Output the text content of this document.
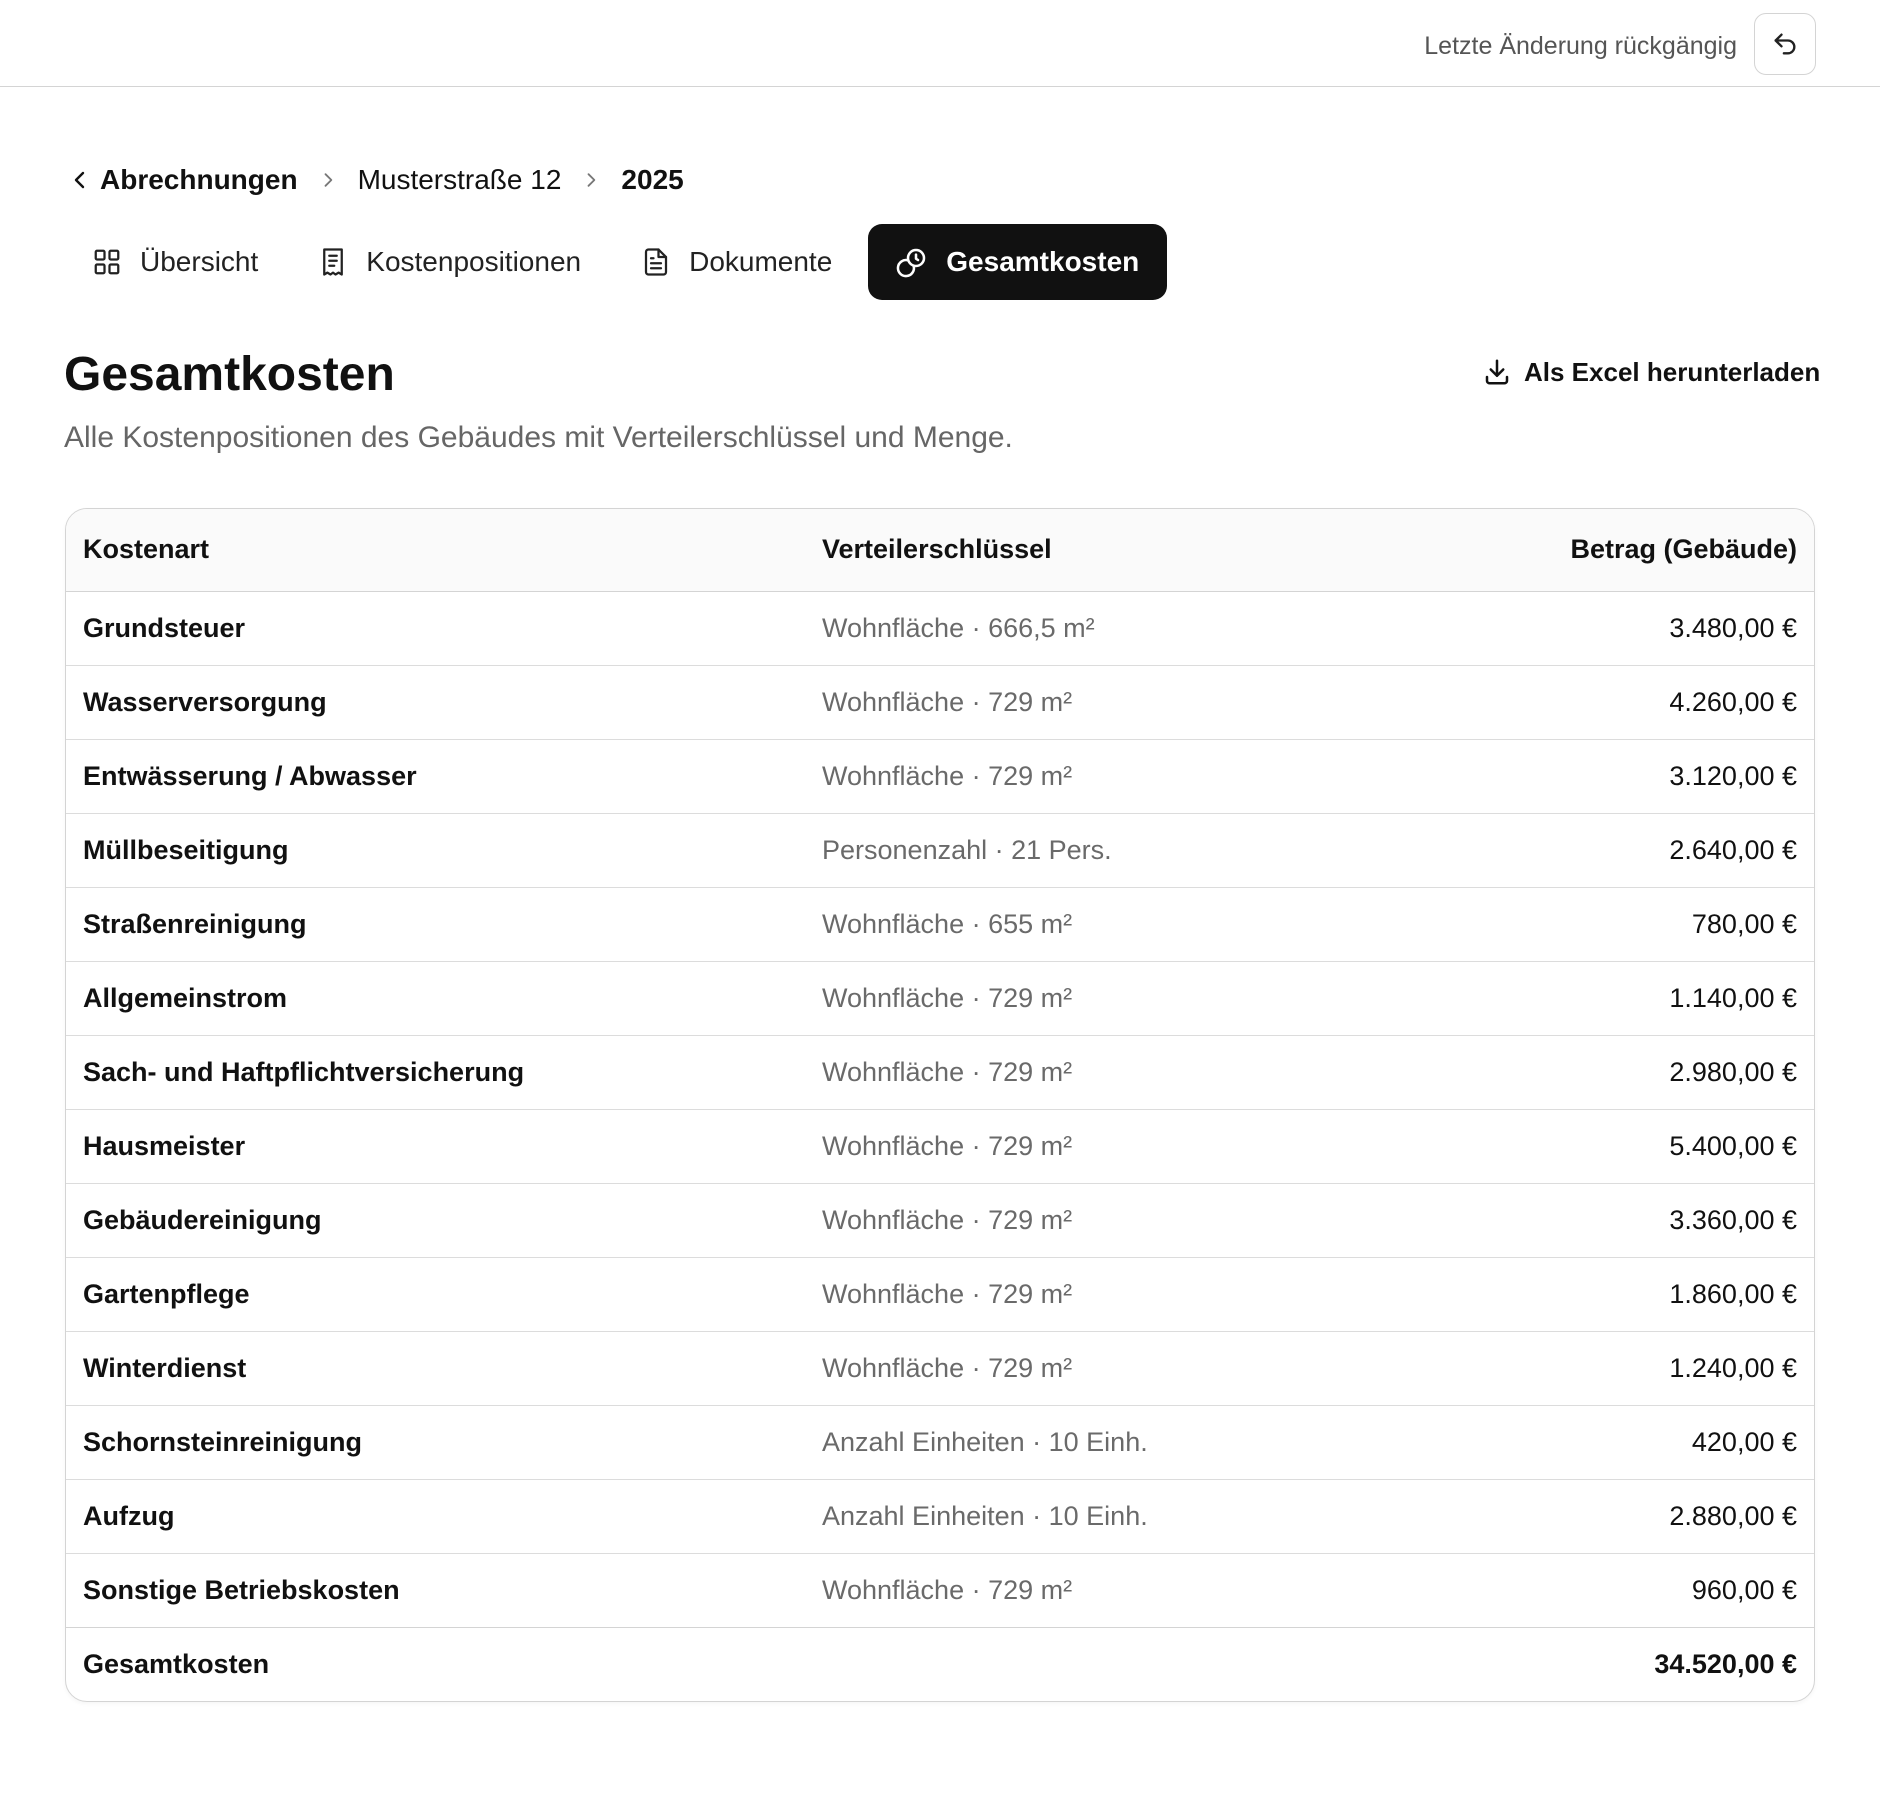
Letzte Änderung rückgängig
Abrechnungen Musterstraße 12 2025
Übersicht	Kostenpositionen	Dokumente	Gesamtkosten
Gesamtkosten

Alle Kostenpositionen des Gebäudes mit Verteilerschlüssel und Menge.

Als Excel herunterladen
Kostenart	Verteilerschlüssel	Betrag (Gebäude)
Grundsteuer	Wohnfläche · 666,5 m²	3.480,00 €
Wasserversorgung	Wohnfläche · 729 m²	4.260,00 €
Entwässerung / Abwasser	Wohnfläche · 729 m²	3.120,00 €
Müllbeseitigung	Personenzahl · 21 Pers.	2.640,00 €
Straßenreinigung	Wohnfläche · 655 m²	780,00 €
Allgemeinstrom	Wohnfläche · 729 m²	1.140,00 €
Sach- und Haftpflichtversicherung	Wohnfläche · 729 m²	2.980,00 €
Hausmeister	Wohnfläche · 729 m²	5.400,00 €
Gebäudereinigung	Wohnfläche · 729 m²	3.360,00 €
Gartenpflege	Wohnfläche · 729 m²	1.860,00 €
Winterdienst	Wohnfläche · 729 m²	1.240,00 €
Schornsteinreinigung	Anzahl Einheiten · 10 Einh.	420,00 €
Aufzug	Anzahl Einheiten · 10 Einh.	2.880,00 €
Sonstige Betriebskosten	Wohnfläche · 729 m²	960,00 €
Gesamtkosten		34.520,00 €
